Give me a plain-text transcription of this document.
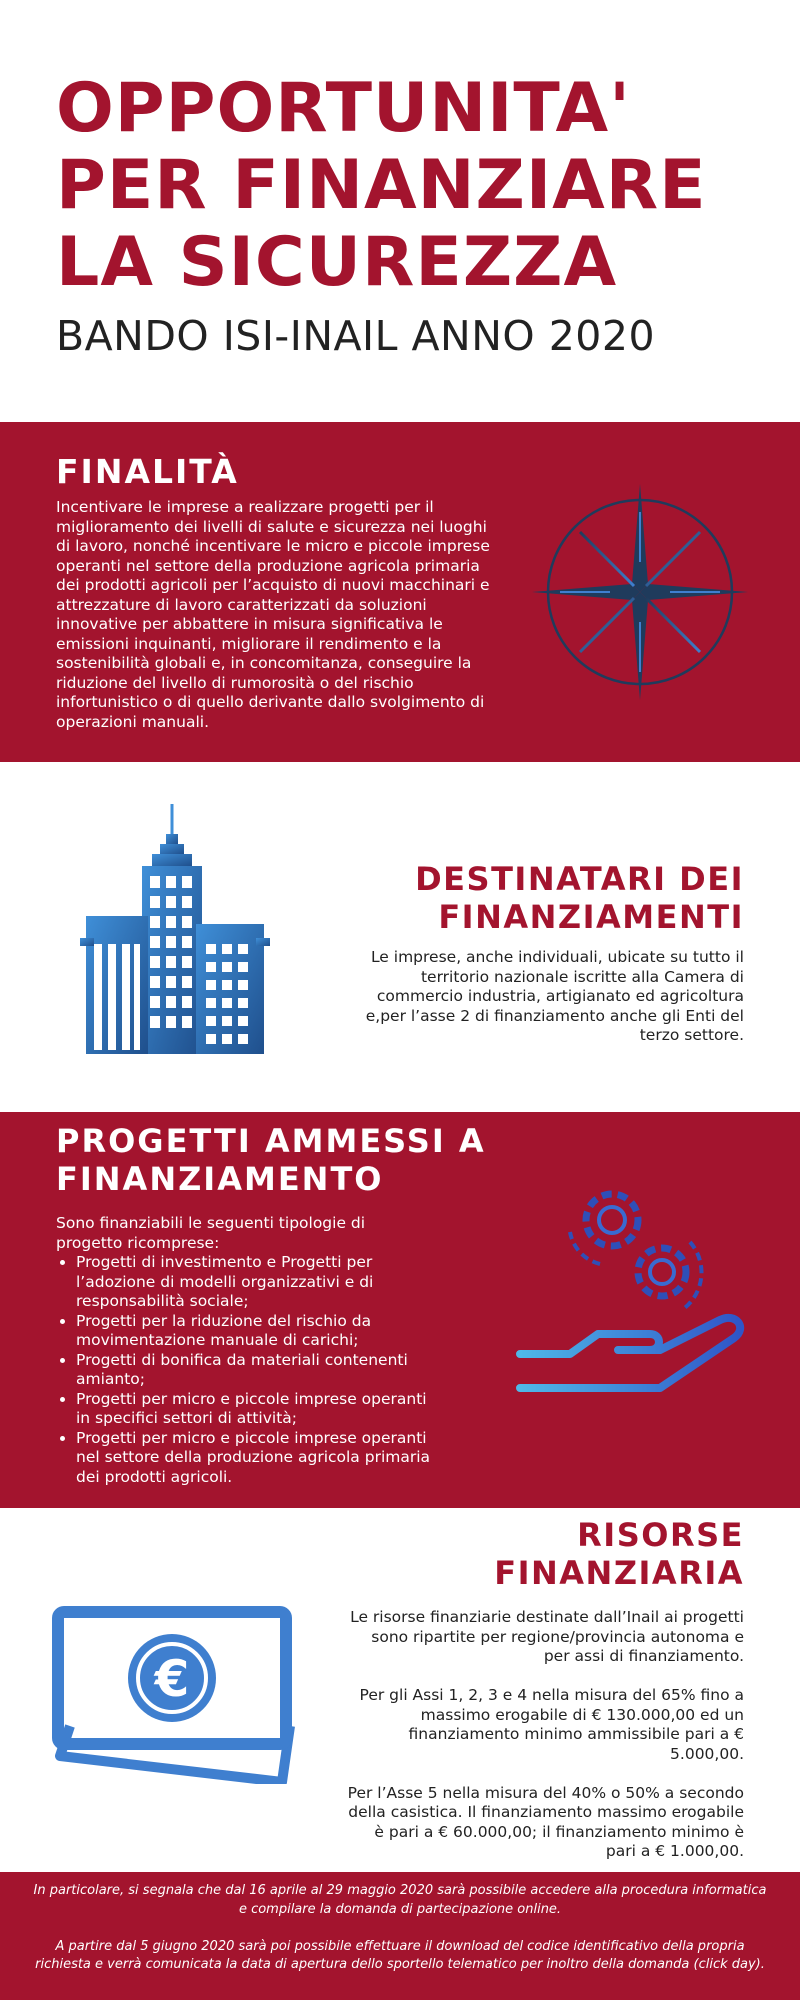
OPPORTUNITA'
PER FINANZIARE
LA SICUREZZA
BANDO ISI-INAIL ANNO 2020
FINALITÀ

Incentivare le imprese a realizzare progetti per il miglioramento dei livelli di salute e sicurezza nei luoghi di lavoro, nonché incentivare le micro e piccole imprese operanti nel settore della produzione agricola primaria dei prodotti agricoli per l’acquisto di nuovi macchinari e attrezzature di lavoro caratterizzati da soluzioni innovative per abbattere in misura significativa le emissioni inquinanti, migliorare il rendimento e la sostenibilità globali e, in concomitanza, conseguire la riduzione del livello di rumorosità o del rischio infortunistico o di quello derivante dallo svolgimento di operazioni manuali.

DESTINATARI DEI
FINANZIAMENTI

Le imprese, anche individuali, ubicate su tutto il territorio nazionale iscritte alla Camera di commercio industria, artigianato ed agricoltura e,per l’asse 2 di finanziamento anche gli Enti del terzo settore.

PROGETTI AMMESSI A
FINANZIAMENTO

Sono finanziabili le seguenti tipologie di progetto ricomprese:

• Progetti di investimento e Progetti per l’adozione di modelli organizzativi e di responsabilità sociale;
• Progetti per la riduzione del rischio da movimentazione manuale di carichi;
• Progetti di bonifica da materiali contenenti amianto;
• Progetti per micro e piccole imprese operanti in specifici settori di attività;
• Progetti per micro e piccole imprese operanti nel settore della produzione agricola primaria dei prodotti agricoli.
RISORSE
FINANZIARIA

Le risorse finanziarie destinate dall’Inail ai progetti sono ripartite per regione/provincia autonoma e per assi di finanziamento.

Per gli Assi 1, 2, 3 e 4 nella misura del 65% fino a massimo erogabile di € 130.000,00 ed un finanziamento minimo ammissibile pari a € 5.000,00.

Per l’Asse 5 nella misura del 40% o 50% a secondo della casistica. Il finanziamento massimo erogabile è pari a € 60.000,00; il finanziamento minimo è pari a € 1.000,00.

€

In particolare, si segnala che dal 16 aprile al 29 maggio 2020 sarà possibile accedere alla procedura informatica e compilare la domanda di partecipazione online.

A partire dal 5 giugno 2020 sarà poi possibile effettuare il download del codice identificativo della propria richiesta e verrà comunicata la data di apertura dello sportello telematico per inoltro della domanda (click day).
